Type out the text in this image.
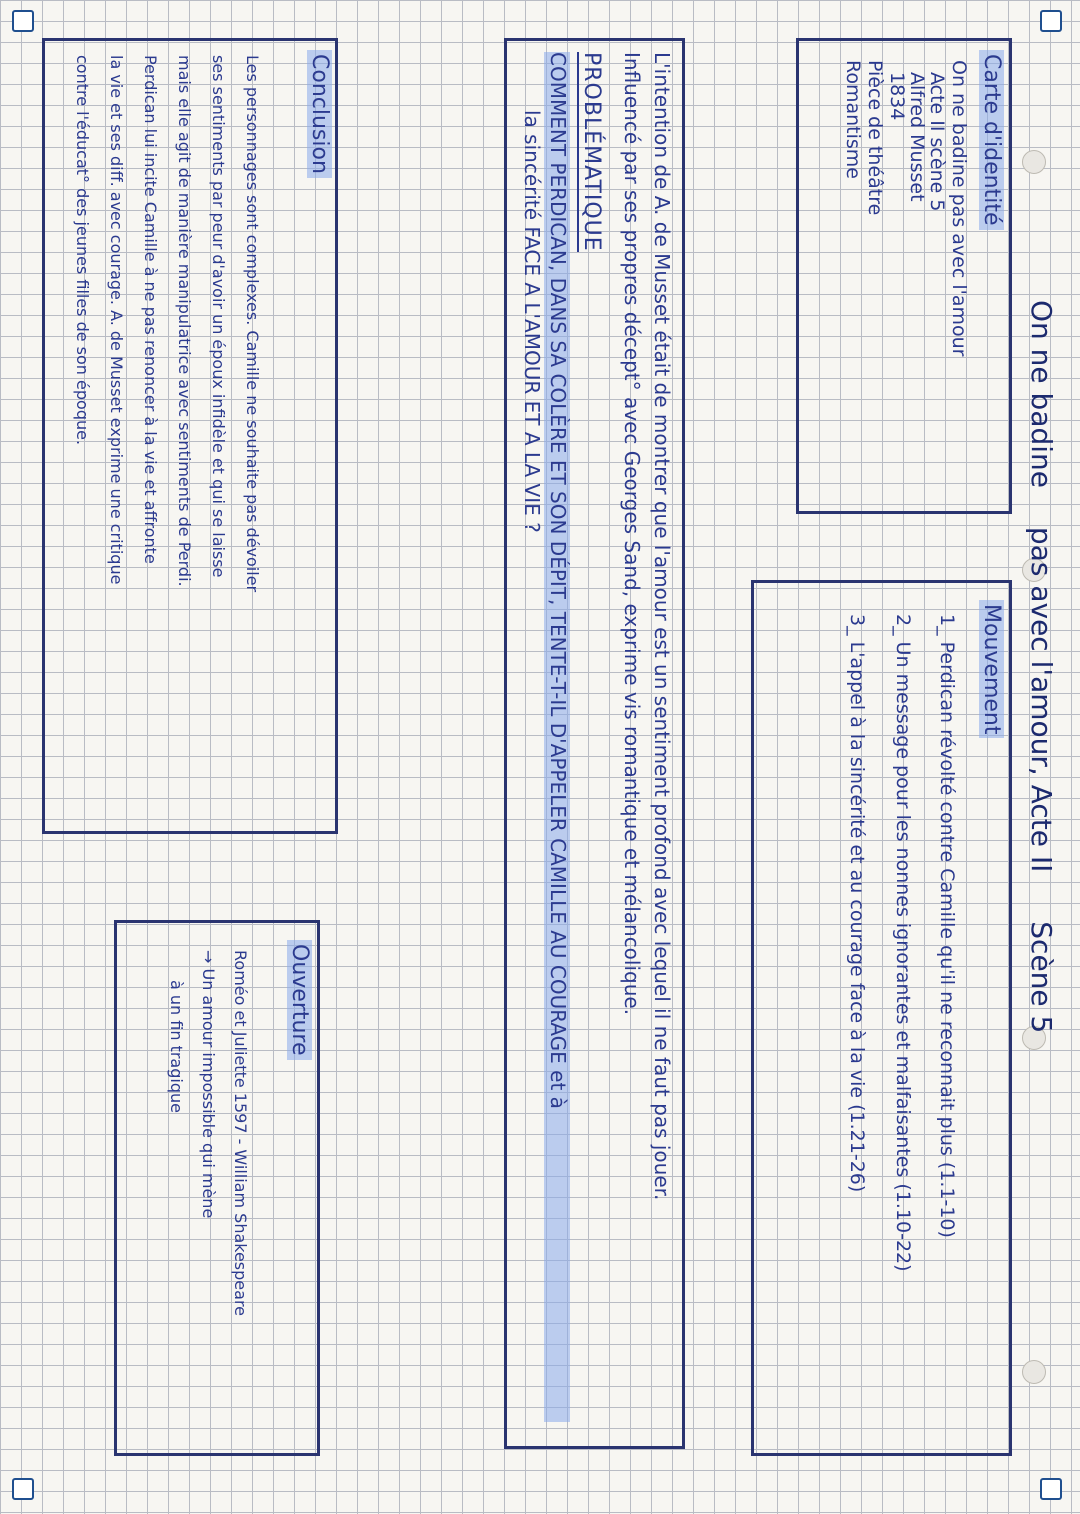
On ne badine pas avec l'amour, Acte II Scène 5
Carte d'identité
On ne badine pas avec l'amour
Acte II scène 5
Alfred Musset
1834
Pièce de théâtre
Romantisme
Mouvement
1_ Perdican révolté contre Camille qu'il ne reconnait plus (1.1-10)
2_ Un message pour les nonnes ignorantes et malfaisantes (1.10-22)
3_ L'appel à la sincérité et au courage face à la vie (1.21-26)
L'intention de A. de Musset était de montrer que l'amour est un sentiment profond avec lequel il ne faut pas jouer.
Influencé par ses propres décept° avec Georges Sand, exprime vis romantique et mélancolique.
PROBLÉMATIQUE
COMMENT PERDICAN, DANS SA COLÈRE ET SON DÉPIT, TENTE-T-IL D'APPELER CAMILLE AU COURAGE et à
la sincérité FACE A L'AMOUR ET A LA VIE ?
Conclusion
Les personnages sont complexes. Camille ne souhaite pas dévoiler
ses sentiments par peur d'avoir un époux infidèle et qui se laisse
mais elle agit de manière manipulatrice avec sentiments de Perdi.
Perdican lui incite Camille à ne pas renoncer à la vie et affronte
la vie et ses diff. avec courage. A. de Musset exprime une critique
contre l'éducat° des jeunes filles de son époque.
Ouverture
Roméo et Juliette 1597 - William Shakespeare
→ Un amour impossible qui mène
à un fin tragique
